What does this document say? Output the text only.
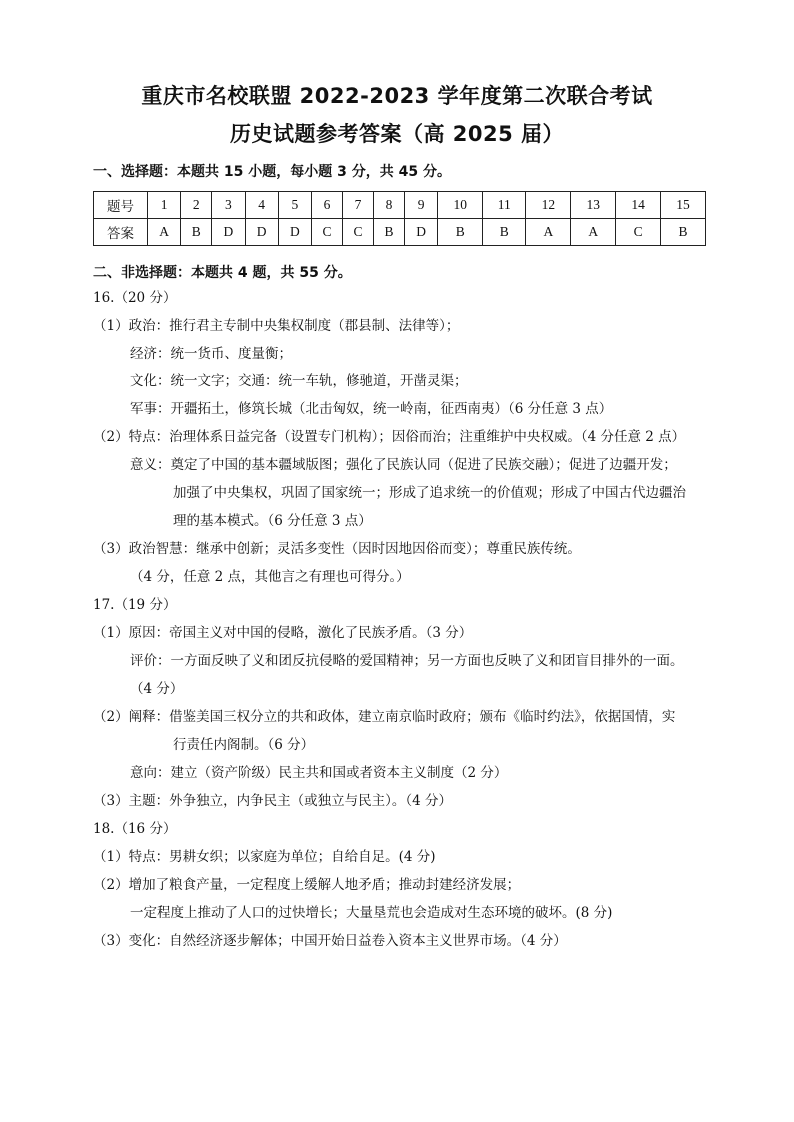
重庆市名校联盟 2022-2023 学年度第二次联合考试
历史试题参考答案（高 2025 届）
一、选择题：本题共 15 小题，每小题 3 分，共 45 分。
题号	1	2	3	4	5	6	7	8	9	10	11	12	13	14	15
答案	A	B	D	D	D	C	C	B	D	B	B	A	A	C	B
二、非选择题：本题共 4 题，共 55 分。
16.（20 分）
（1）政治：推行君主专制中央集权制度（郡县制、法律等）；
经济：统一货币、度量衡；
文化：统一文字；交通：统一车轨，修驰道，开凿灵渠；
军事：开疆拓土，修筑长城（北击匈奴，统一岭南，征西南夷）（6 分任意 3 点）
（2）特点：治理体系日益完备（设置专门机构）；因俗而治；注重维护中央权威。（4 分任意 2 点）
意义：奠定了中国的基本疆域版图；强化了民族认同（促进了民族交融）；促进了边疆开发；
加强了中央集权，巩固了国家统一；形成了追求统一的价值观；形成了中国古代边疆治
理的基本模式。（6 分任意 3 点）
（3）政治智慧：继承中创新；灵活多变性（因时因地因俗而变）；尊重民族传统。
（4 分，任意 2 点，其他言之有理也可得分。）
17.（19 分）
（1）原因：帝国主义对中国的侵略，激化了民族矛盾。（3 分）
评价：一方面反映了义和团反抗侵略的爱国精神；另一方面也反映了义和团盲目排外的一面。
（4 分）
（2）阐释：借鉴美国三权分立的共和政体，建立南京临时政府；颁布《临时约法》，依据国情，实
行责任内阁制。（6 分）
意向：建立（资产阶级）民主共和国或者资本主义制度（2 分）
（3）主题：外争独立，内争民主（或独立与民主）。（4 分）
18.（16 分）
（1）特点：男耕女织；以家庭为单位；自给自足。(4 分)
（2）增加了粮食产量，一定程度上缓解人地矛盾；推动封建经济发展；
一定程度上推动了人口的过快增长；大量垦荒也会造成对生态环境的破坏。(8 分)
（3）变化：自然经济逐步解体；中国开始日益卷入资本主义世界市场。（4 分）
